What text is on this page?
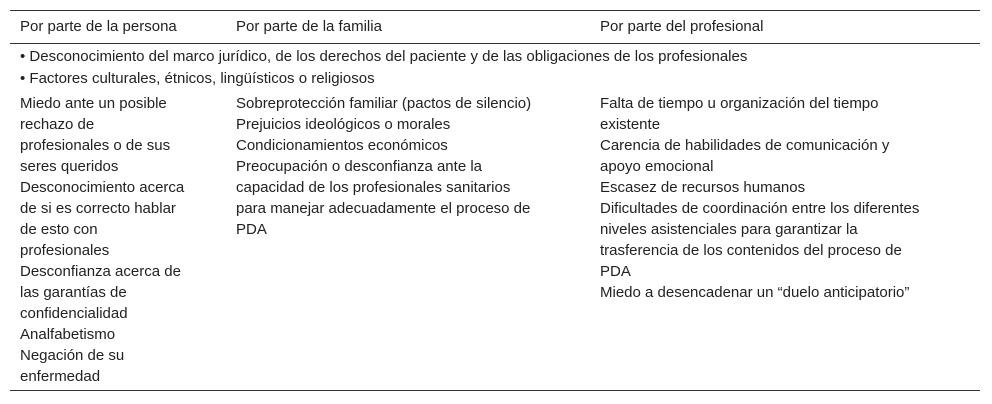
Por parte de la persona	Por parte de la familia	Por parte del profesional
• Desconocimiento del marco jurídico, de los derechos del paciente y de las obligaciones de los profesionales
• Factores culturales, étnicos, lingüísticos o religiosos
Miedo ante un posible
rechazo de
profesionales o de sus
seres queridos
Desconocimiento acerca
de si es correcto hablar
de esto con
profesionales
Desconfianza acerca de
las garantías de
confidencialidad
Analfabetismo
Negación de su
enfermedad
Sobreprotección familiar (pactos de silencio)
Prejuicios ideológicos o morales
Condicionamientos económicos
Preocupación o desconfianza ante la
capacidad de los profesionales sanitarios
para manejar adecuadamente el proceso de
PDA
Falta de tiempo u organización del tiempo
existente
Carencia de habilidades de comunicación y
apoyo emocional
Escasez de recursos humanos
Dificultades de coordinación entre los diferentes
niveles asistenciales para garantizar la
trasferencia de los contenidos del proceso de
PDA
Miedo a desencadenar un “duelo anticipatorio”
